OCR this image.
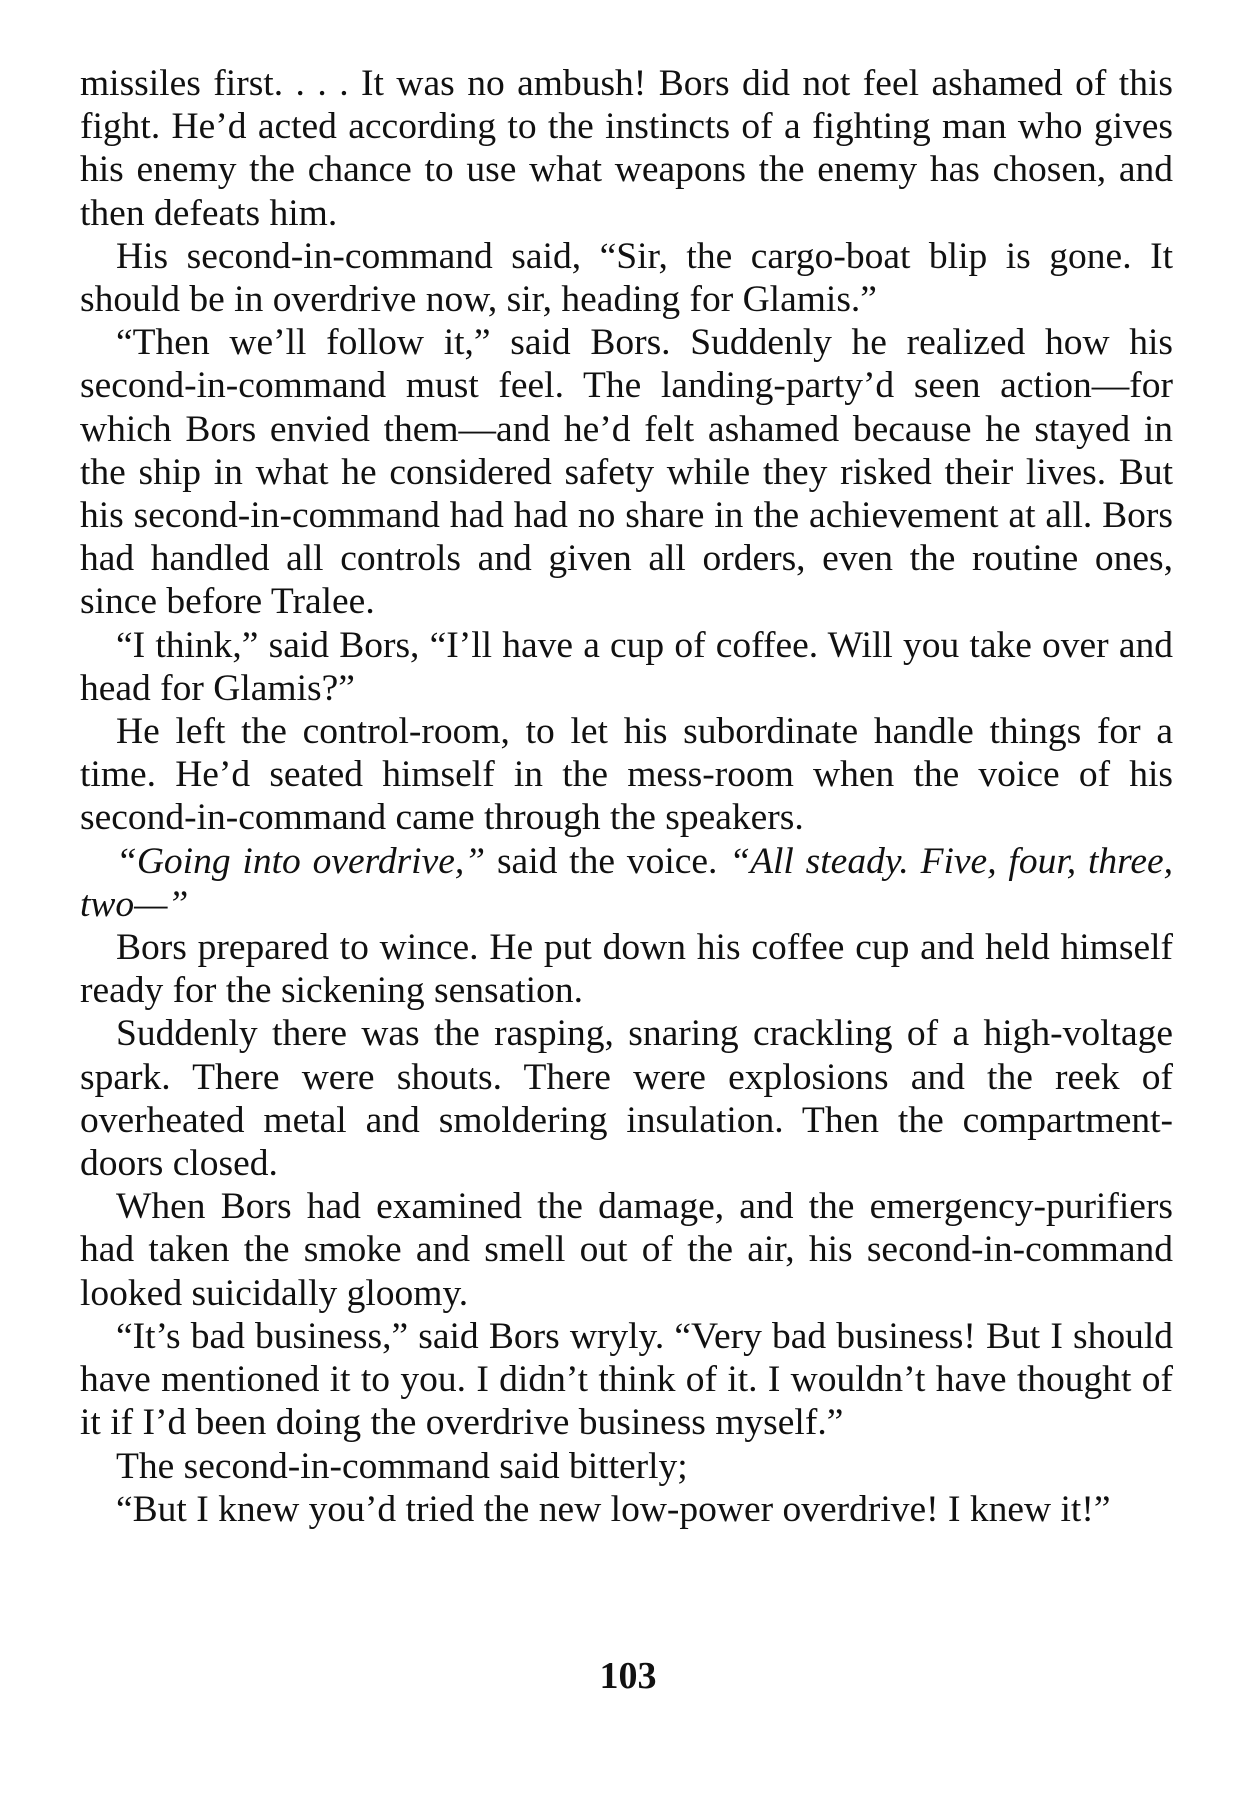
missiles first. . . . It was no ambush! Bors did not feel ashamed of this fight. He’d acted according to the instincts of a fighting man who gives his enemy the chance to use what weapons the enemy has chosen, and then defeats him.

His second-in-command said, “Sir, the cargo-boat blip is gone. It should be in overdrive now, sir, heading for Glamis.”

“Then we’ll follow it,” said Bors. Suddenly he realized how his second-in-command must feel. The landing-party’d seen action—for which Bors envied them—and he’d felt ashamed because he stayed in the ship in what he considered safety while they risked their lives. But his second-in-command had had no share in the achievement at all. Bors had handled all controls and given all orders, even the routine ones, since before Tralee.

“I think,” said Bors, “I’ll have a cup of coffee. Will you take over and head for Glamis?”

He left the control-room, to let his subordinate handle things for a time. He’d seated himself in the mess-room when the voice of his second-in-command came through the speakers.

“Going into overdrive,” said the voice. “All steady. Five, four, three, two—”

Bors prepared to wince. He put down his coffee cup and held himself ready for the sickening sensation.

Suddenly there was the rasping, snaring crackling of a high-voltage spark. There were shouts. There were explosions and the reek of overheated metal and smoldering insulation. Then the compartment-doors closed.

When Bors had examined the damage, and the emergency-purifiers had taken the smoke and smell out of the air, his second-in-command looked suicidally gloomy.

“It’s bad business,” said Bors wryly. “Very bad business! But I should have mentioned it to you. I didn’t think of it. I wouldn’t have thought of it if I’d been doing the overdrive business myself.”

The second-in-command said bitterly;

“But I knew you’d tried the new low-power overdrive! I knew it!”

103
